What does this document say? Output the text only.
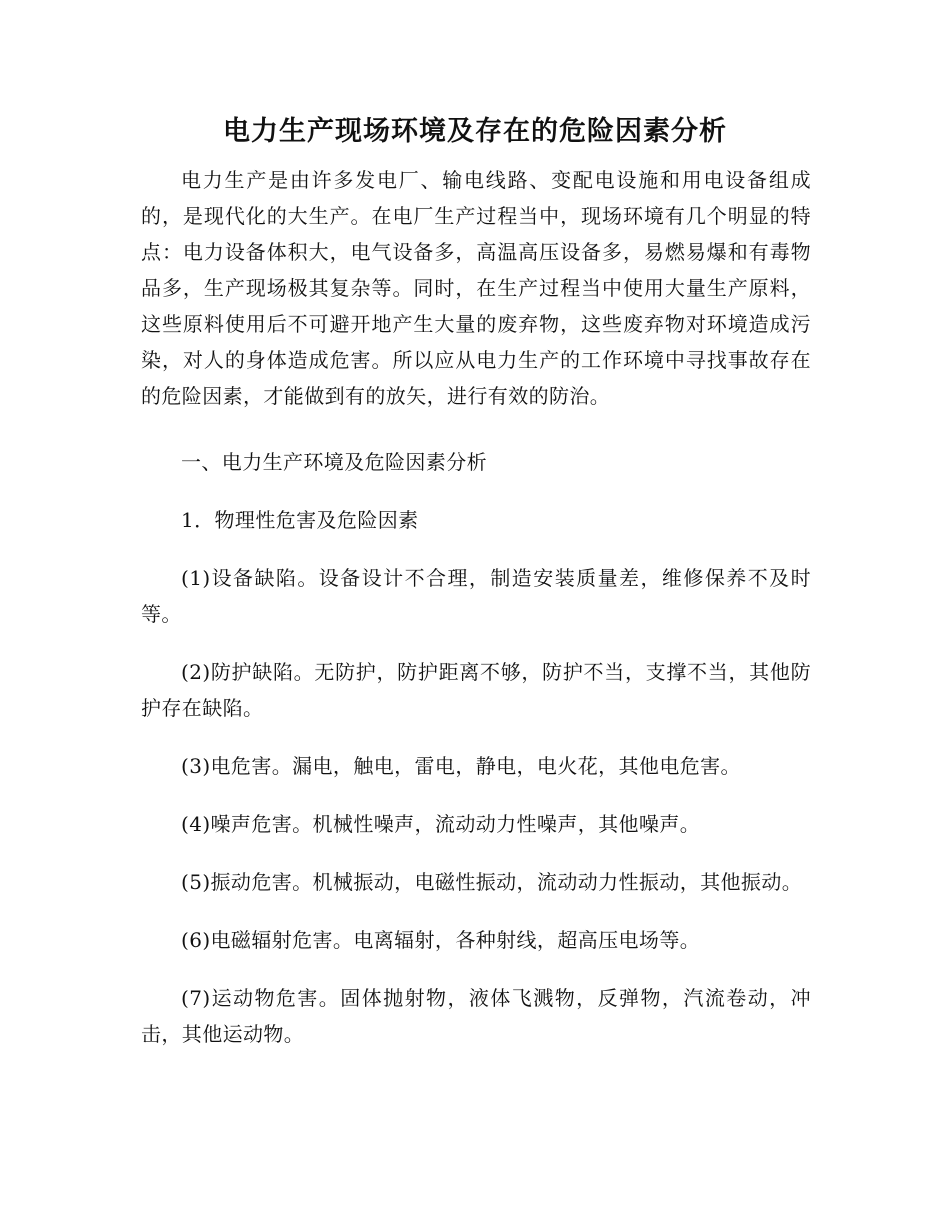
电力生产现场环境及存在的危险因素分析

电力生产是由许多发电厂、输电线路、变配电设施和用电设备组成的，是现代化的大生产。在电厂生产过程当中，现场环境有几个明显的特点：电力设备体积大，电气设备多，高温高压设备多，易燃易爆和有毒物品多，生产现场极其复杂等。同时，在生产过程当中使用大量生产原料，这些原料使用后不可避开地产生大量的废弃物，这些废弃物对环境造成污染，对人的身体造成危害。所以应从电力生产的工作环境中寻找事故存在的危险因素，才能做到有的放矢，进行有效的防治。

一、电力生产环境及危险因素分析

1．物理性危害及危险因素

(1)设备缺陷。设备设计不合理，制造安装质量差，维修保养不及时等。

(2)防护缺陷。无防护，防护距离不够，防护不当，支撑不当，其他防护存在缺陷。

(3)电危害。漏电，触电，雷电，静电，电火花，其他电危害。

(4)噪声危害。机械性噪声，流动动力性噪声，其他噪声。

(5)振动危害。机械振动，电磁性振动，流动动力性振动，其他振动。

(6)电磁辐射危害。电离辐射，各种射线，超高压电场等。

(7)运动物危害。固体抛射物，液体飞溅物，反弹物，汽流卷动，冲击，其他运动物。
